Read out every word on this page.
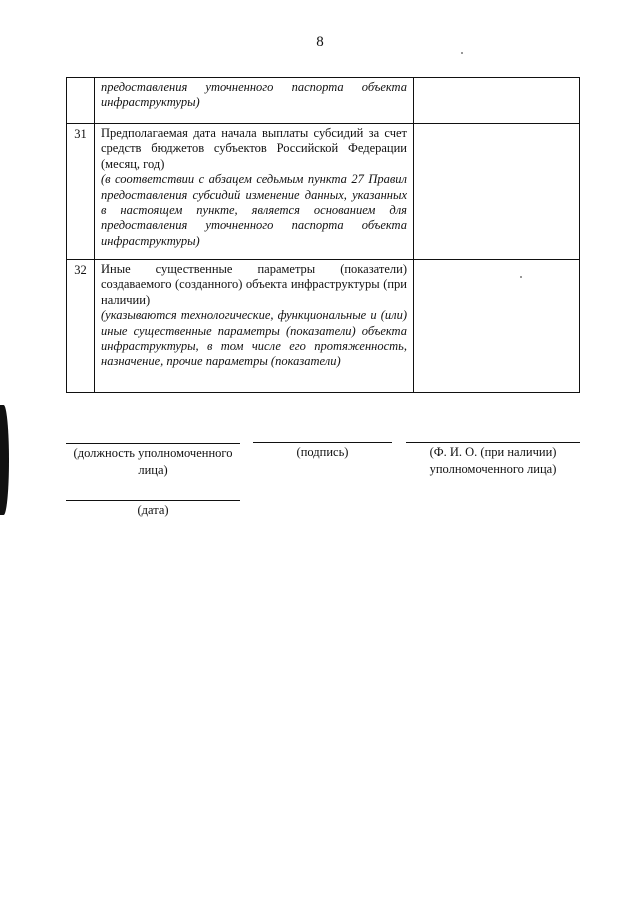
8

	предоставления уточненного паспорта объекта инфраструктуры)	

31	Предполагаемая дата начала выплаты субсидий за счет средств бюджетов субъектов Российской Федерации (месяц, год)

(в соответствии с абзацем седьмым пункта 27 Правил предоставления субсидий изменение данных, указанных в настоящем пункте, является основанием для предоставления уточненного паспорта объекта инфраструктуры)	

32	Иные существенные параметры (показатели) создаваемого (созданного) объекта инфраструктуры (при наличии)

(указываются технологические, функциональные и (или) иные существенные параметры (показатели) объекта инфраструктуры, в том числе его протяженность, назначение, прочие параметры (показатели)	

(должность уполномоченного лица)
(подпись)	(Ф. И. О. (при наличии) уполномоченного лица)
(дата)
